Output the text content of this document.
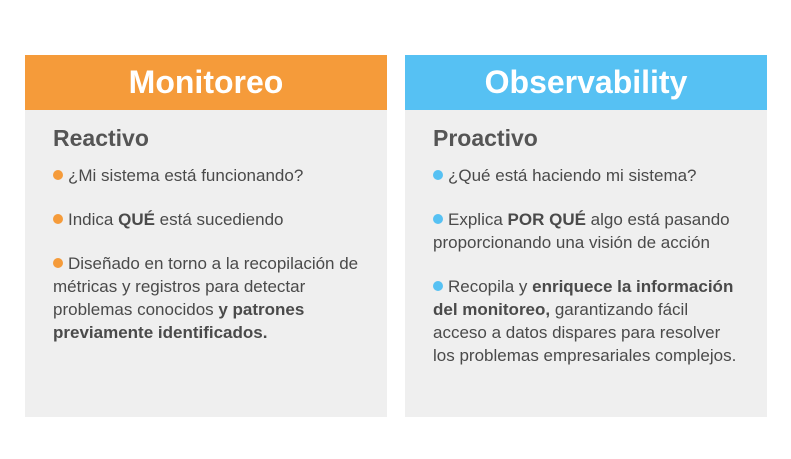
Monitoreo
Reactivo
¿Mi sistema está funcionando?
Indica QUÉ está sucediendo
Diseñado en torno a la recopilación de métricas y registros para detectar problemas conocidos y patrones previamente identificados.
Observability
Proactivo
¿Qué está haciendo mi sistema?
Explica POR QUÉ algo está pasando proporcionando una visión de acción
Recopila y enriquece la información del monitoreo, garantizando fácil acceso a datos dispares para resolver los problemas empresariales complejos.
